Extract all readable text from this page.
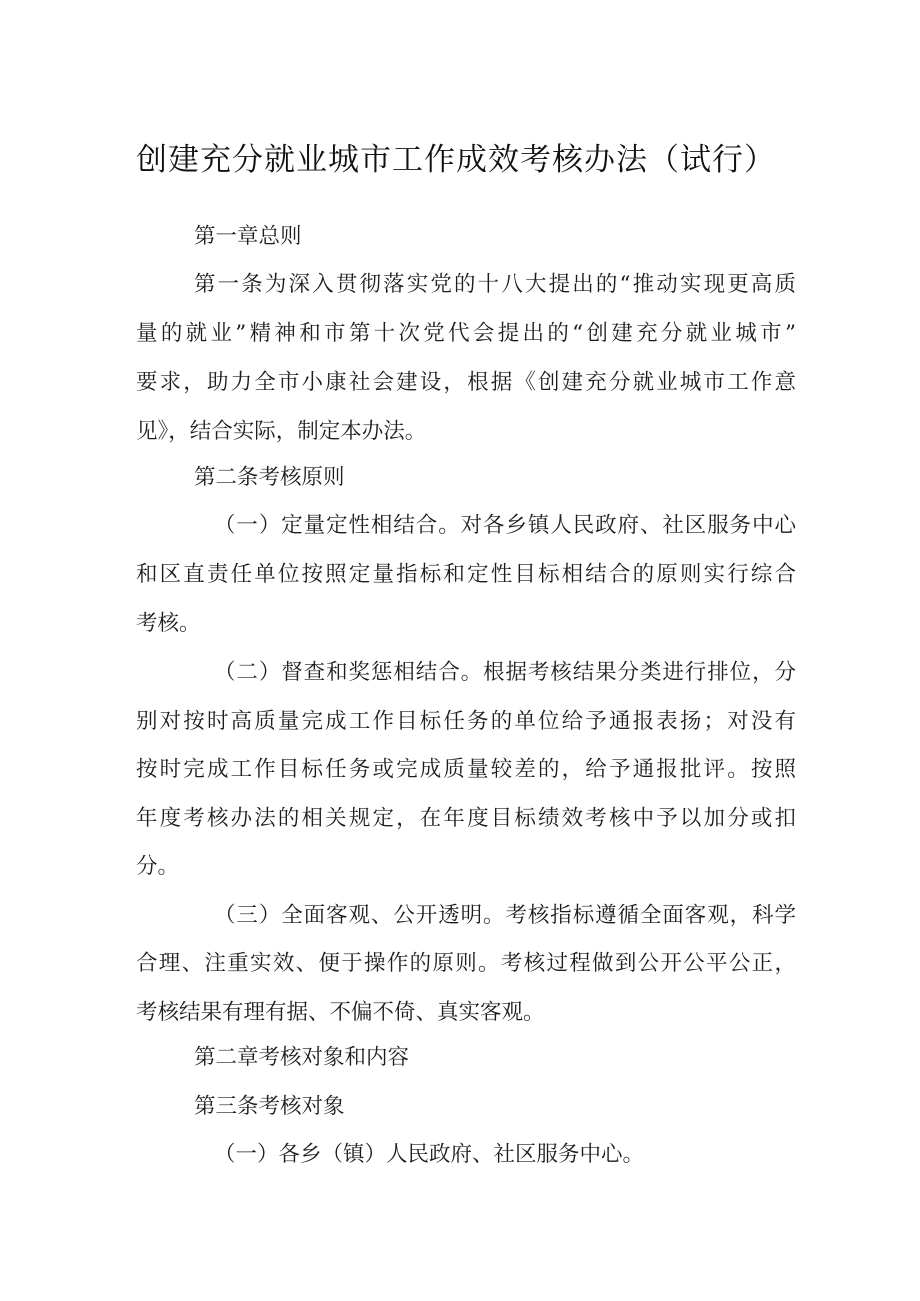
创建充分就业城市工作成效考核办法（试行）
第一章总则
第一条为深入贯彻落实党的十八大提出的“推动实现更高质
量的就业”精神和市第十次党代会提出的“创建充分就业城市”
要求，助力全市小康社会建设，根据《创建充分就业城市工作意
见》，结合实际，制定本办法。
第二条考核原则
（一）定量定性相结合。对各乡镇人民政府、社区服务中心
和区直责任单位按照定量指标和定性目标相结合的原则实行综合
考核。
（二）督查和奖惩相结合。根据考核结果分类进行排位，分
别对按时高质量完成工作目标任务的单位给予通报表扬；对没有
按时完成工作目标任务或完成质量较差的，给予通报批评。按照
年度考核办法的相关规定，在年度目标绩效考核中予以加分或扣
分。
（三）全面客观、公开透明。考核指标遵循全面客观，科学
合理、注重实效、便于操作的原则。考核过程做到公开公平公正，
考核结果有理有据、不偏不倚、真实客观。
第二章考核对象和内容
第三条考核对象
（一）各乡（镇）人民政府、社区服务中心。
